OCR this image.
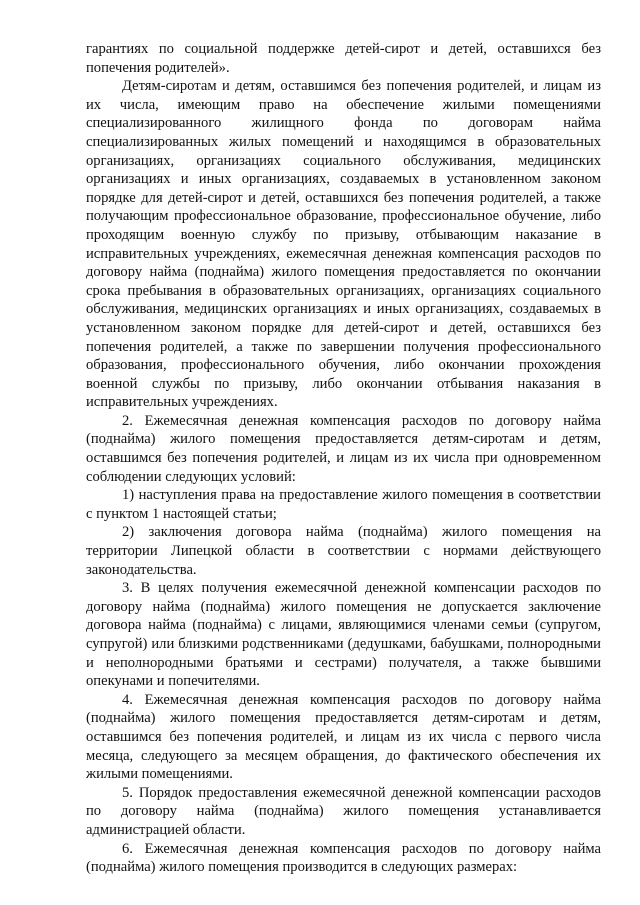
гарантиях по социальной поддержке детей-сирот и детей, оставшихся без попечения родителей».

Детям-сиротам и детям, оставшимся без попечения родителей, и лицам из их числа, имеющим право на обеспечение жилыми помещениями специализированного жилищного фонда по договорам найма специализированных жилых помещений и находящимся в образовательных организациях, организациях социального обслуживания, медицинских организациях и иных организациях, создаваемых в установленном законом порядке для детей-сирот и детей, оставшихся без попечения родителей, а также получающим профессиональное образование, профессиональное обучение, либо проходящим военную службу по призыву, отбывающим наказание в исправительных учреждениях, ежемесячная денежная компенсация расходов по договору найма (поднайма) жилого помещения предоставляется по окончании срока пребывания в образовательных организациях, организациях социального обслуживания, медицинских организациях и иных организациях, создаваемых в установленном законом порядке для детей-сирот и детей, оставшихся без попечения родителей, а также по завершении получения профессионального образования, профессионального обучения, либо окончании прохождения военной службы по призыву, либо окончании отбывания наказания в исправительных учреждениях.

2. Ежемесячная денежная компенсация расходов по договору найма (поднайма) жилого помещения предоставляется детям-сиротам и детям, оставшимся без попечения родителей, и лицам из их числа при одновременном соблюдении следующих условий:

1) наступления права на предоставление жилого помещения в соответствии с пунктом 1 настоящей статьи;

2) заключения договора найма (поднайма) жилого помещения на территории Липецкой области в соответствии с нормами действующего законодательства.

3. В целях получения ежемесячной денежной компенсации расходов по договору найма (поднайма) жилого помещения не допускается заключение договора найма (поднайма) с лицами, являющимися членами семьи (супругом, супругой) или близкими родственниками (дедушками, бабушками, полнородными и неполнородными братьями и сестрами) получателя, а также бывшими опекунами и попечителями.

4. Ежемесячная денежная компенсация расходов по договору найма (поднайма) жилого помещения предоставляется детям-сиротам и детям, оставшимся без попечения родителей, и лицам из их числа с первого числа месяца, следующего за месяцем обращения, до фактического обеспечения их жилыми помещениями.

5. Порядок предоставления ежемесячной денежной компенсации расходов по договору найма (поднайма) жилого помещения устанавливается администрацией области.

6. Ежемесячная денежная компенсация расходов по договору найма (поднайма) жилого помещения производится в следующих размерах:
